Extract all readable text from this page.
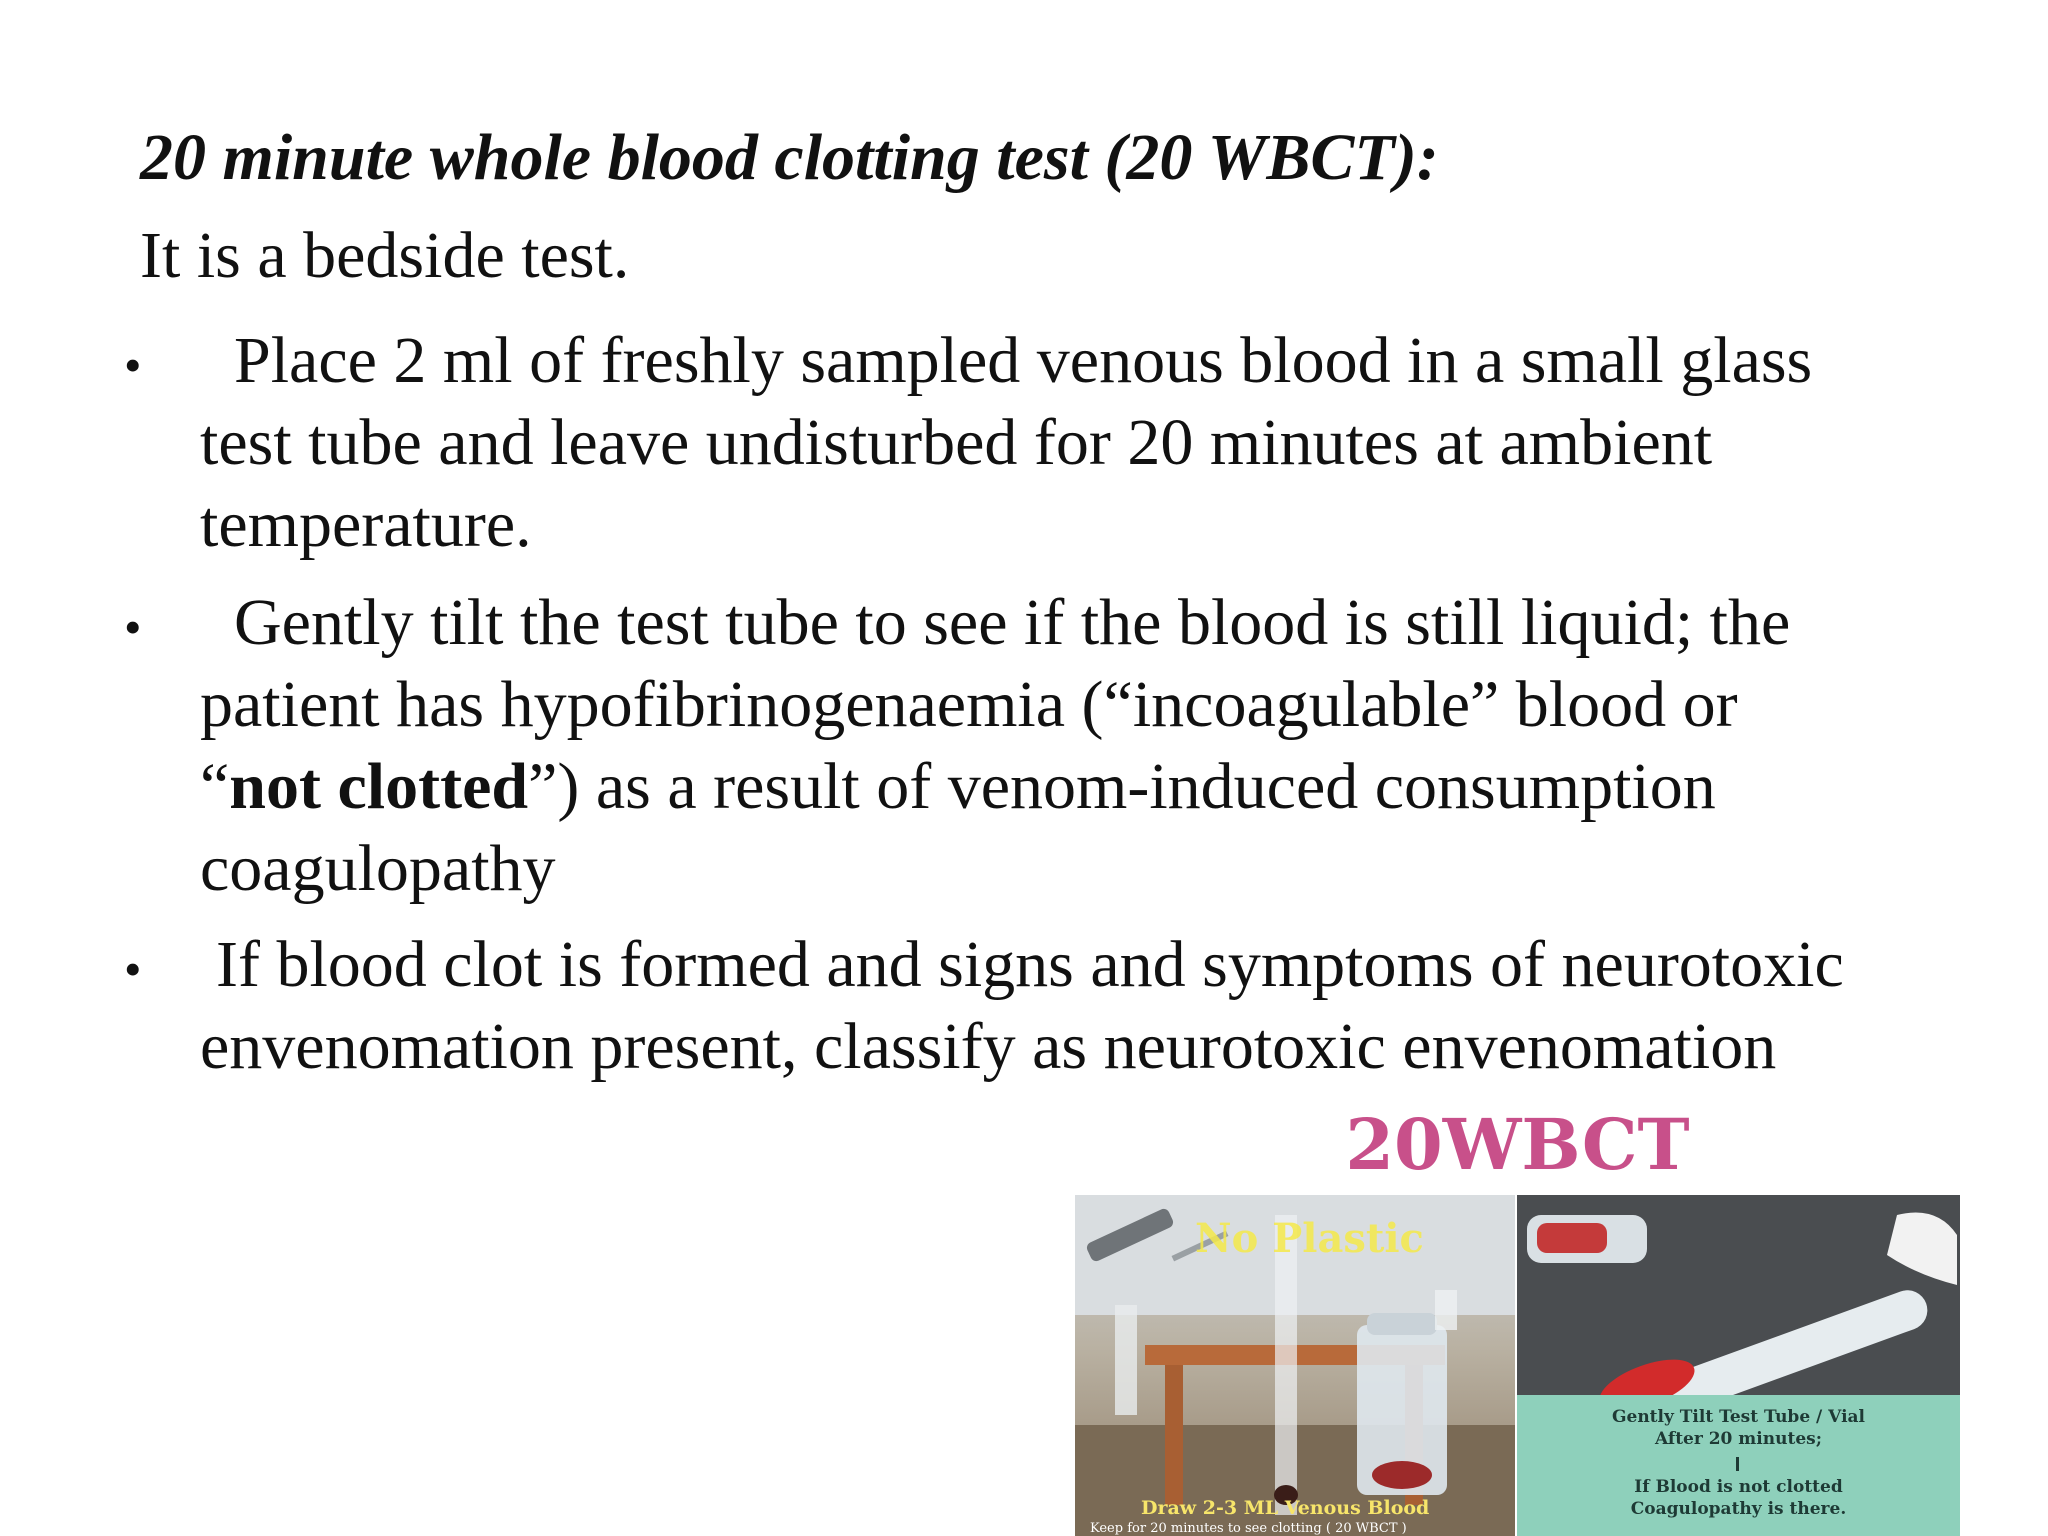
20 minute whole blood clotting test (20 WBCT):

It is a bedside test.

• Place 2 ml of freshly sampled venous blood in a small glass
test tube and leave undisturbed for 20 minutes at ambient
temperature.
• Gently tilt the test tube to see if the blood is still liquid; the
patient has hypofibrinogenaemia (“incoagulable” blood or
“not clotted”) as a result of venom-induced consumption
coagulopathy
• If blood clot is formed and signs and symptoms of neurotoxic
envenomation present, classify as neurotoxic envenomation
20WBCT
No Plastic
Draw 2-3 ML Venous Blood
Keep for 20 minutes to see clotting ( 20 WBCT )
Gently Tilt Test Tube / Vial
After 20 minutes;
If Blood is not clotted
Coagulopathy is there.
